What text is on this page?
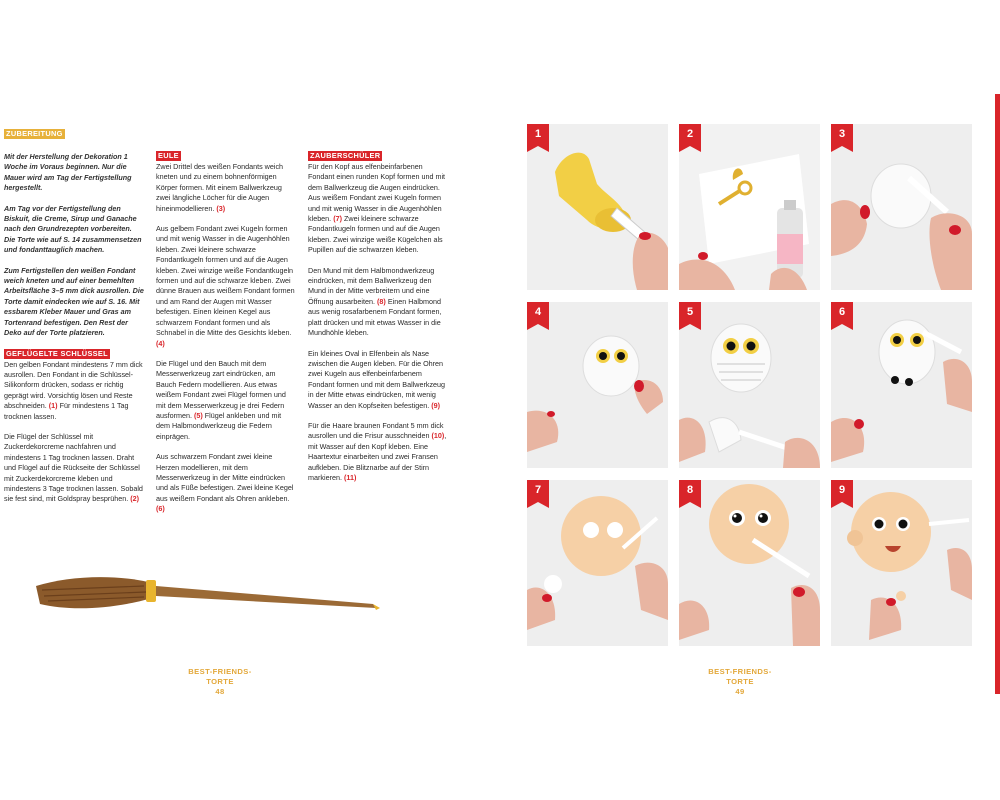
ZUBEREITUNG

Mit der Herstellung der Dekoration 1 Woche im Voraus beginnen. Nur die Mauer wird am Tag der Fertigstellung hergestellt.

Am Tag vor der Fertigstellung den Biskuit, die Creme, Sirup und Ganache nach den Grundrezepten vorbereiten. Die Torte wie auf S. 14 zusammensetzen und fondanttauglich machen.

Zum Fertigstellen den weißen Fondant weich kneten und auf einer bemehlten Arbeitsfläche 3–5 mm dick ausrollen. Die Torte damit eindecken wie auf S. 16. Mit essbarem Kleber Mauer und Gras am Tortenrand befestigen. Den Rest der Deko auf der Torte platzieren.

GEFLÜGELTE SCHLÜSSEL

Den gelben Fondant mindestens 7 mm dick ausrollen. Den Fondant in die Schlüssel-Silikonform drücken, sodass er richtig geprägt wird. Vorsichtig lösen und Reste abschneiden. (1) Für mindestens 1 Tag trocknen lassen.

Die Flügel der Schlüssel mit Zuckerdekorcreme nachfahren und mindestens 1 Tag trocknen lassen. Draht und Flügel auf die Rückseite der Schlüssel mit Zuckerdekorcreme kleben und mindestens 3 Tage trocknen lassen. Sobald sie fest sind, mit Goldspray besprühen. (2)

EULE

Zwei Drittel des weißen Fondants weich kneten und zu einem bohnenförmigen Körper formen. Mit einem Ballwerkzeug zwei längliche Löcher für die Augen hineinmodellieren. (3)

Aus gelbem Fondant zwei Kugeln formen und mit wenig Wasser in die Augenhöhlen kleben. Zwei kleinere schwarze Fondantkugeln formen und auf die Augen kleben. Zwei winzige weiße Fondantkugeln formen und auf die schwarze kleben. Zwei dünne Brauen aus weißem Fondant formen und am Rand der Augen mit Wasser befestigen. Einen kleinen Kegel aus schwarzem Fondant formen und als Schnabel in die Mitte des Gesichts kleben. (4)

Die Flügel und den Bauch mit dem Messerwerkzeug zart eindrücken, am Bauch Federn modellieren. Aus etwas weißem Fondant zwei Flügel formen und mit dem Messerwerkzeug je drei Federn ausformen. (5) Flügel ankleben und mit dem Halbmondwerkzeug die Federn einprägen.

Aus schwarzem Fondant zwei kleine Herzen modellieren, mit dem Messerwerkzeug in der Mitte eindrücken und als Füße befestigen. Zwei kleine Kegel aus weißem Fondant als Ohren ankleben. (6)

ZAUBERSCHÜLER

Für den Kopf aus elfenbeinfarbenen Fondant einen runden Kopf formen und mit dem Ballwerkzeug die Augen eindrücken. Aus weißem Fondant zwei Kugeln formen und mit wenig Wasser in die Augenhöhlen kleben. (7) Zwei kleinere schwarze Fondantkugeln formen und auf die Augen kleben. Zwei winzige weiße Kügelchen als Pupillen auf die schwarzen kleben.

Den Mund mit dem Halbmondwerkzeug eindrücken, mit dem Ballwerkzeug den Mund in der Mitte verbreitern und eine Öffnung ausarbeiten. (8) Einen Halbmond aus wenig rosafarbenem Fondant formen, platt drücken und mit etwas Wasser in die Mundhöhle kleben.

Ein kleines Oval in Elfenbein als Nase zwischen die Augen kleben. Für die Ohren zwei Kugeln aus elfenbeinfarbenem Fondant formen und mit dem Ballwerkzeug in der Mitte etwas eindrücken, mit wenig Wasser an den Kopfseiten befestigen. (9)

Für die Haare braunen Fondant 5 mm dick ausrollen und die Frisur ausschneiden (10), mit Wasser auf den Kopf kleben. Eine Haartextur einarbeiten und zwei Fransen aufkleben. Die Blitznarbe auf der Stirn markieren. (11)

BEST-FRIENDS-TORTE
48
1	2	3
4	5	6
7	8	9
BEST-FRIENDS-TORTE
49
